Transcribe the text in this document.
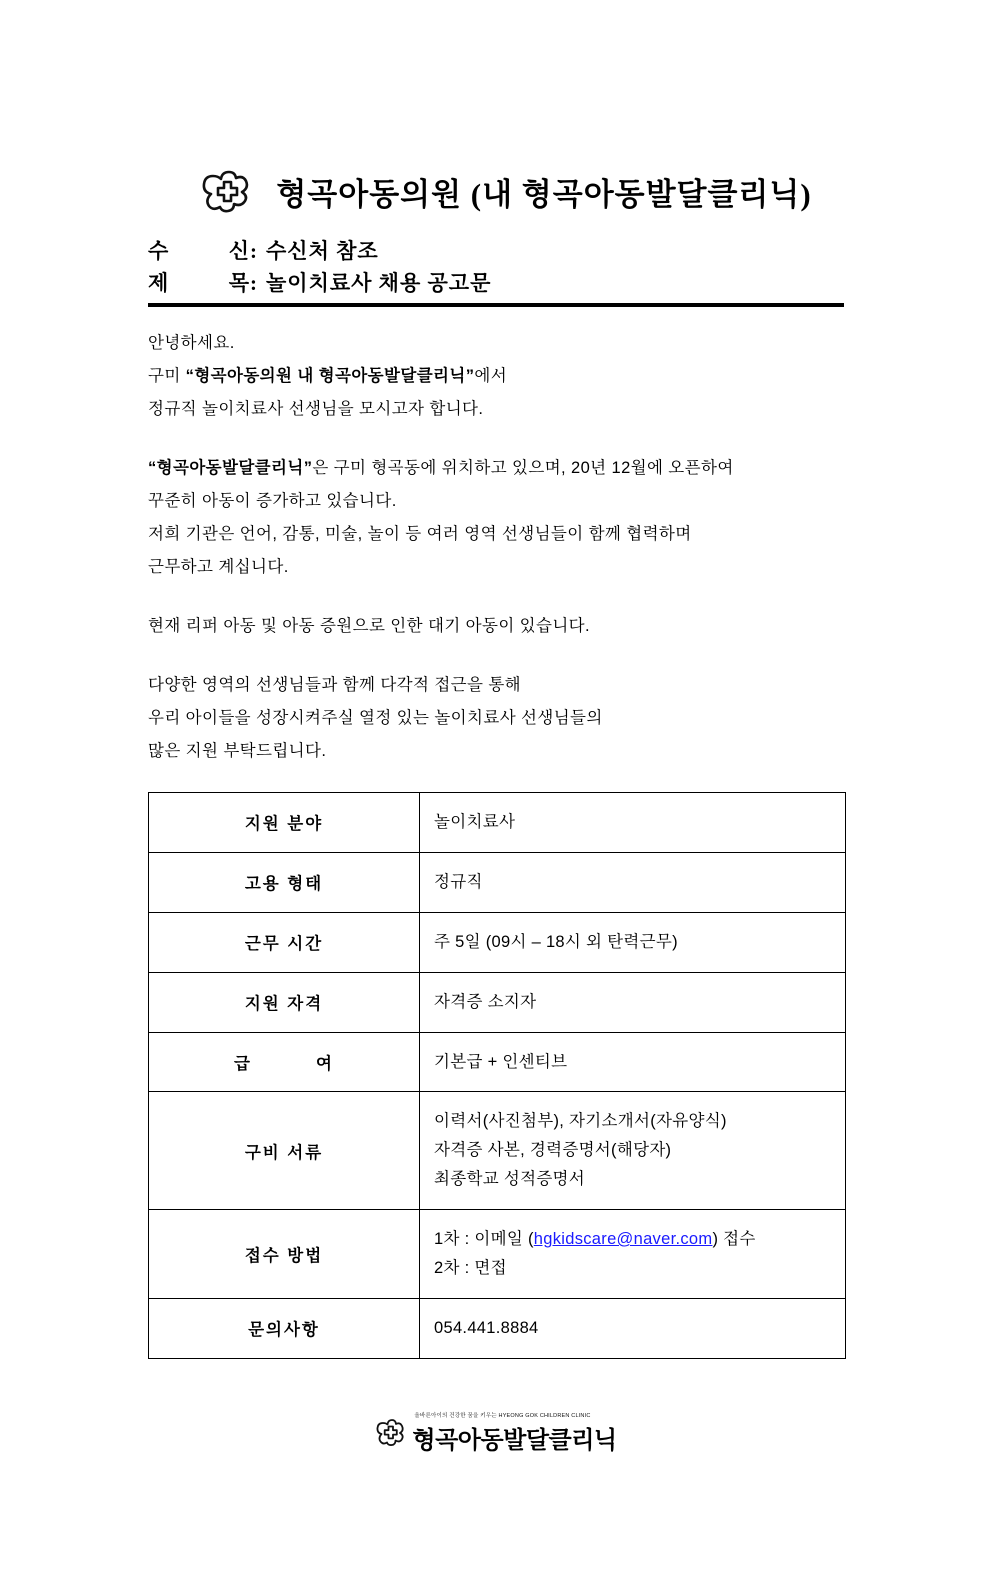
형곡아동의원 (내 형곡아동발달클리닉)
수	신: 수신처 참조
제	목: 놀이치료사 채용 공고문

안녕하세요.

구미 “형곡아동의원 내 형곡아동발달클리닉”에서

정규직 놀이치료사 선생님을 모시고자 합니다.

“형곡아동발달클리닉”은 구미 형곡동에 위치하고 있으며, 20년 12월에 오픈하여

꾸준히 아동이 증가하고 있습니다.

저희 기관은 언어, 감통, 미술, 놀이 등 여러 영역 선생님들이 함께 협력하며

근무하고 계십니다.

현재 리퍼 아동 및 아동 증원으로 인한 대기 아동이 있습니다.

다양한 영역의 선생님들과 함께 다각적 접근을 통해

우리 아이들을 성장시켜주실 열정 있는 놀이치료사 선생님들의

많은 지원 부탁드립니다.

지원 분야	놀이치료사
고용 형태	정규직
근무 시간	주 5일 (09시 – 18시 외 탄력근무)
지원 자격	자격증 소지자

급 여	기본급 + 인센티브
구비 서류	이력서(사진첨부), 자기소개서(자유양식)
자격증 사본, 경력증명서(해당자)
최종학교 성적증명서

접수 방법	1차 : 이메일 (hgkidscare@naver.com) 접수
2차 : 면접

문의사항	054.441.8884
올바른아이의 건강한 꿈을 키우는 HYEONG GOK CHILDREN CLINIC
형곡아동발달클리닉
